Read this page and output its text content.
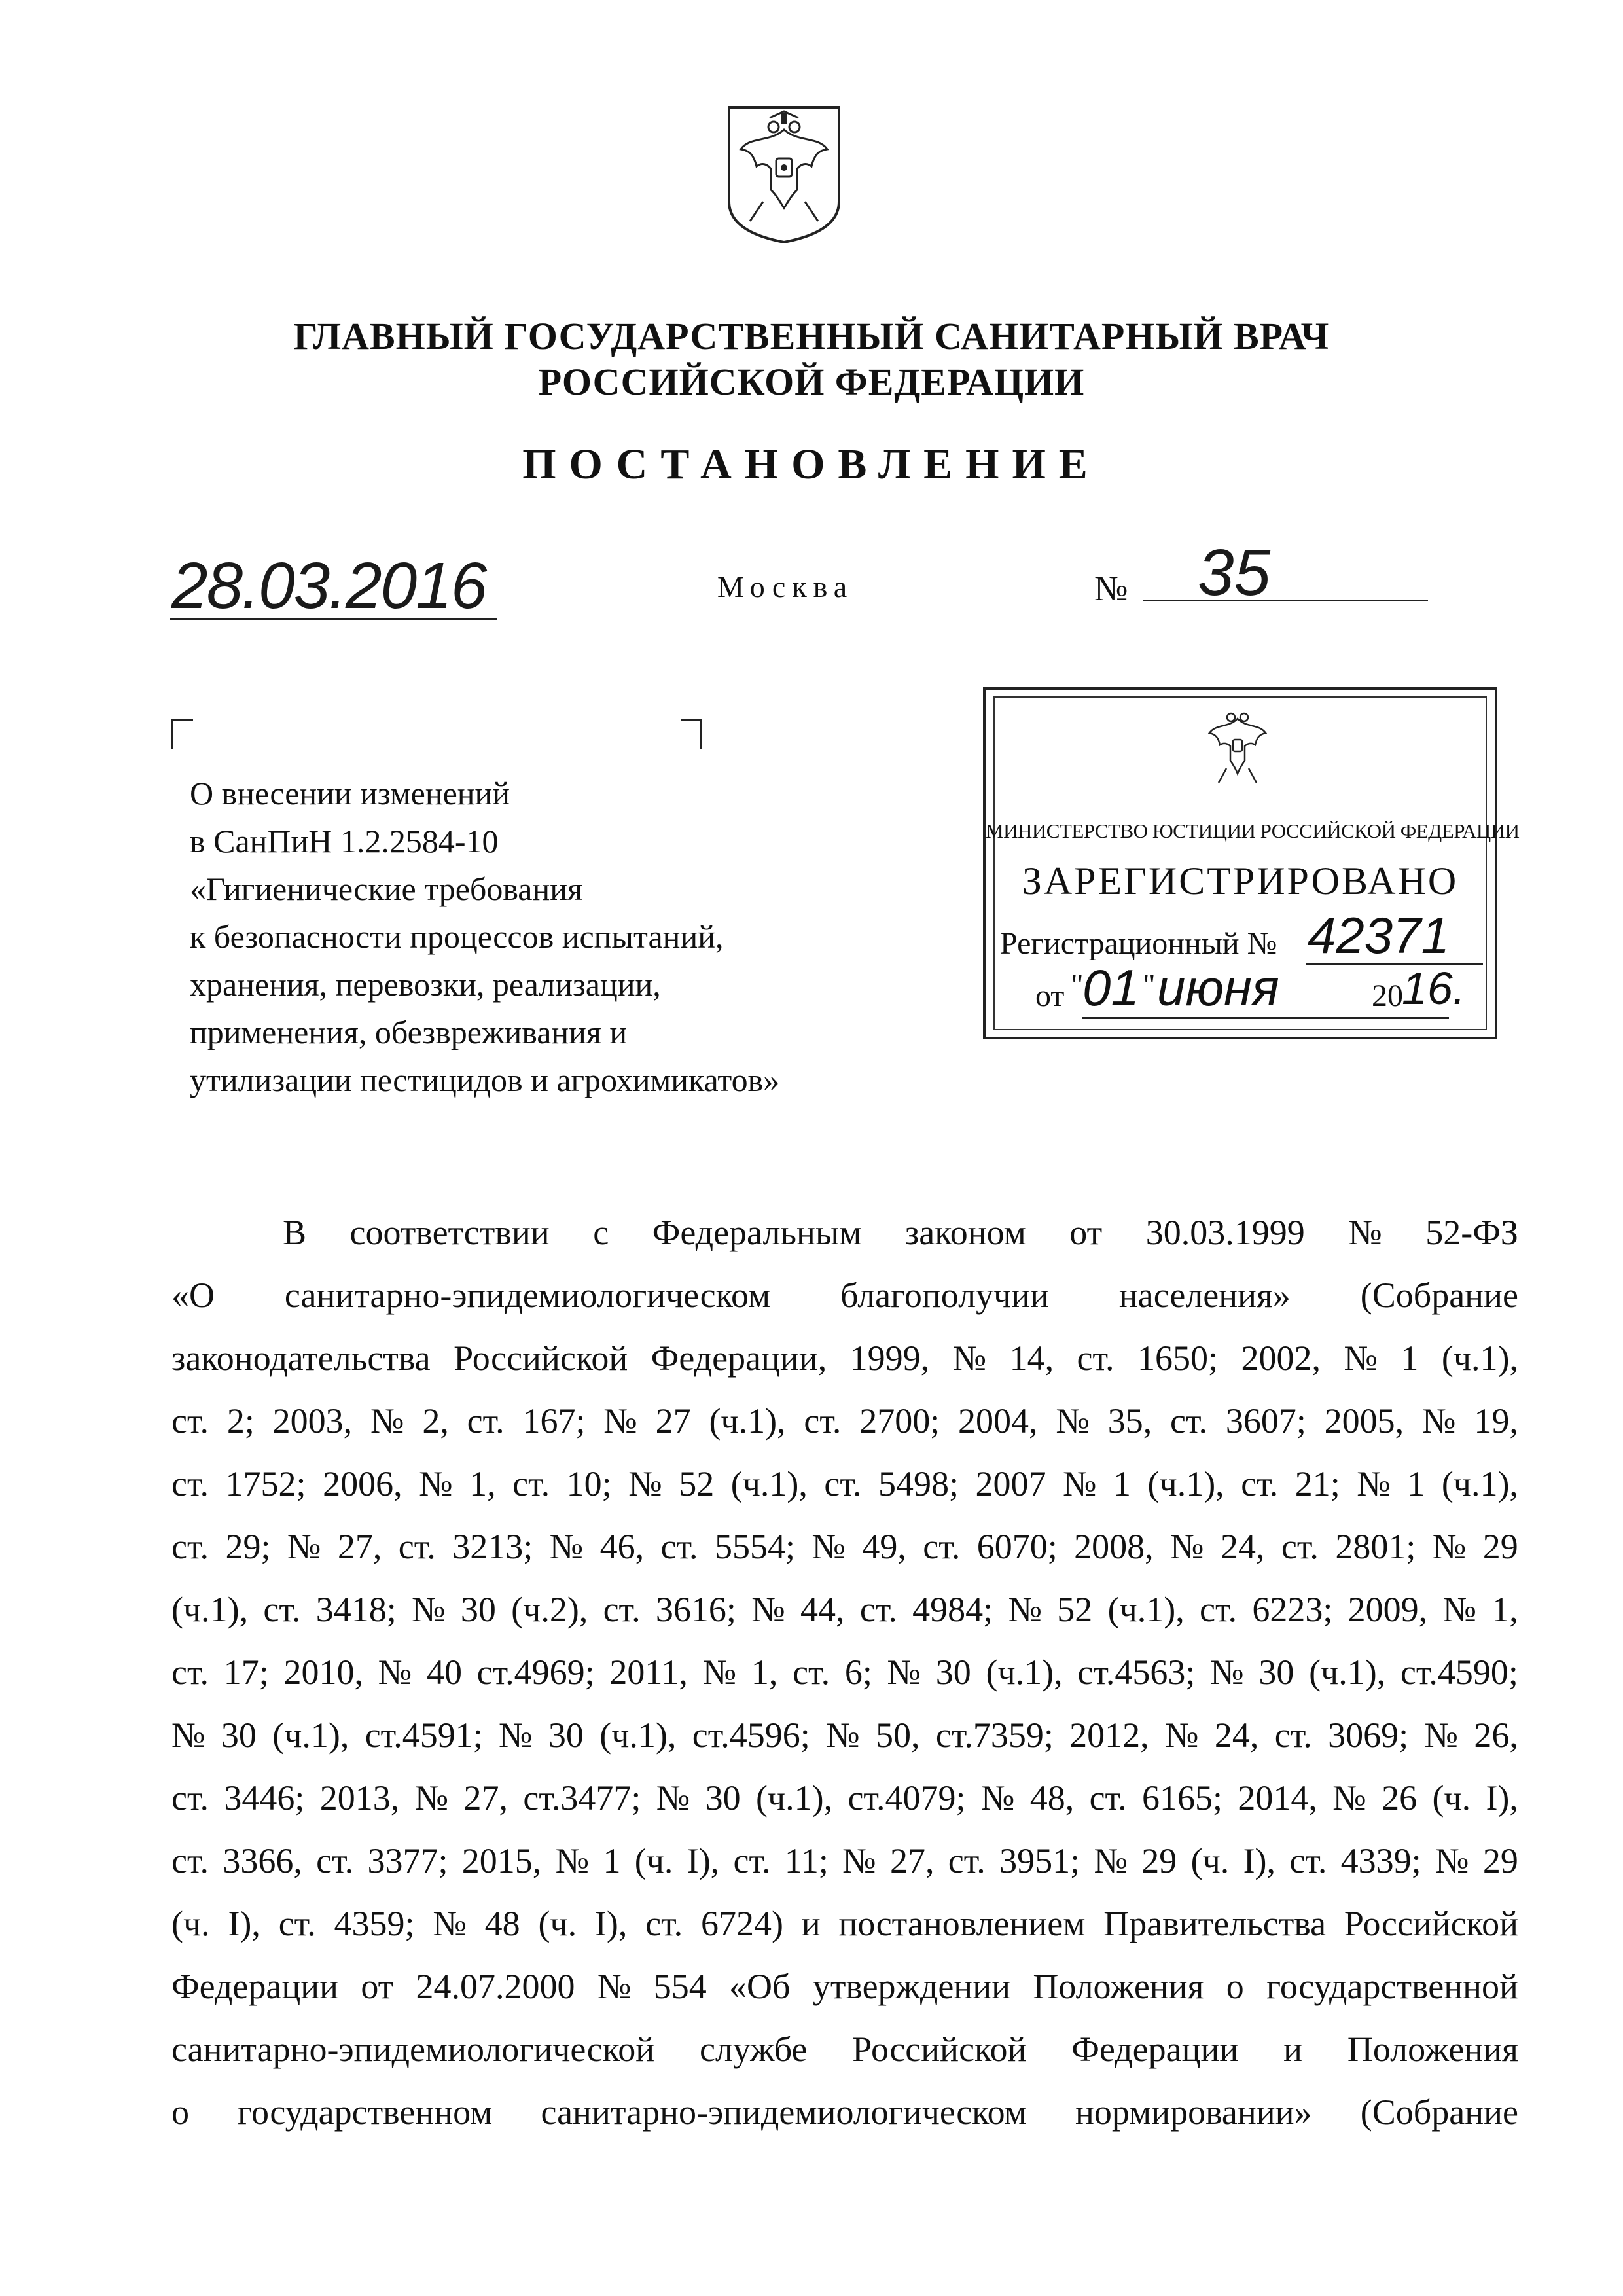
ГЛАВНЫЙ ГОСУДАРСТВЕННЫЙ САНИТАРНЫЙ ВРАЧ
РОССИЙСКОЙ ФЕДЕРАЦИИ
ПОСТАНОВЛЕНИЕ
28.03.2016	Москва	№ 35
О внесении изменений
в СанПиН 1.2.2584-10
«Гигиенические требования
к безопасности процессов испытаний,
хранения, перевозки, реализации,
применения, обезвреживания и
утилизации пестицидов и агрохимикатов»
МИНИСТЕРСТВО ЮСТИЦИИ РОССИЙСКОЙ ФЕДЕРАЦИИ
ЗАРЕГИСТРИРОВАНО
Регистрационный № 42371
от "
01 " июня	20
16.
В соответствии с Федеральным законом от 30.03.1999 № 52-ФЗ
«О санитарно-эпидемиологическом благополучии населения» (Собрание
законодательства Российской Федерации, 1999, № 14, ст. 1650; 2002, № 1 (ч.1),
ст. 2; 2003, № 2, ст. 167; № 27 (ч.1), ст. 2700; 2004, № 35, ст. 3607; 2005, № 19,
ст. 1752; 2006, № 1, ст. 10; № 52 (ч.1), ст. 5498; 2007 № 1 (ч.1), ст. 21; № 1 (ч.1),
ст. 29; № 27, ст. 3213; № 46, ст. 5554; № 49, ст. 6070; 2008, № 24, ст. 2801; № 29
(ч.1), ст. 3418; № 30 (ч.2), ст. 3616; № 44, ст. 4984; № 52 (ч.1), ст. 6223; 2009, № 1,
ст. 17; 2010, № 40 ст.4969; 2011, № 1, ст. 6; № 30 (ч.1), ст.4563; № 30 (ч.1), ст.4590;
№ 30 (ч.1), ст.4591; № 30 (ч.1), ст.4596; № 50, ст.7359; 2012, № 24, ст. 3069; № 26,
ст. 3446; 2013, № 27, ст.3477; № 30 (ч.1), ст.4079; № 48, ст. 6165; 2014, № 26 (ч. I),
ст. 3366, ст. 3377; 2015, № 1 (ч. I), ст. 11; № 27, ст. 3951; № 29 (ч. I), ст. 4339; № 29
(ч. I), ст. 4359; № 48 (ч. I), ст. 6724) и постановлением Правительства Российской
Федерации от 24.07.2000 № 554 «Об утверждении Положения о государственной
санитарно-эпидемиологической службе Российской Федерации и Положения
о государственном санитарно-эпидемиологическом нормировании» (Собрание
